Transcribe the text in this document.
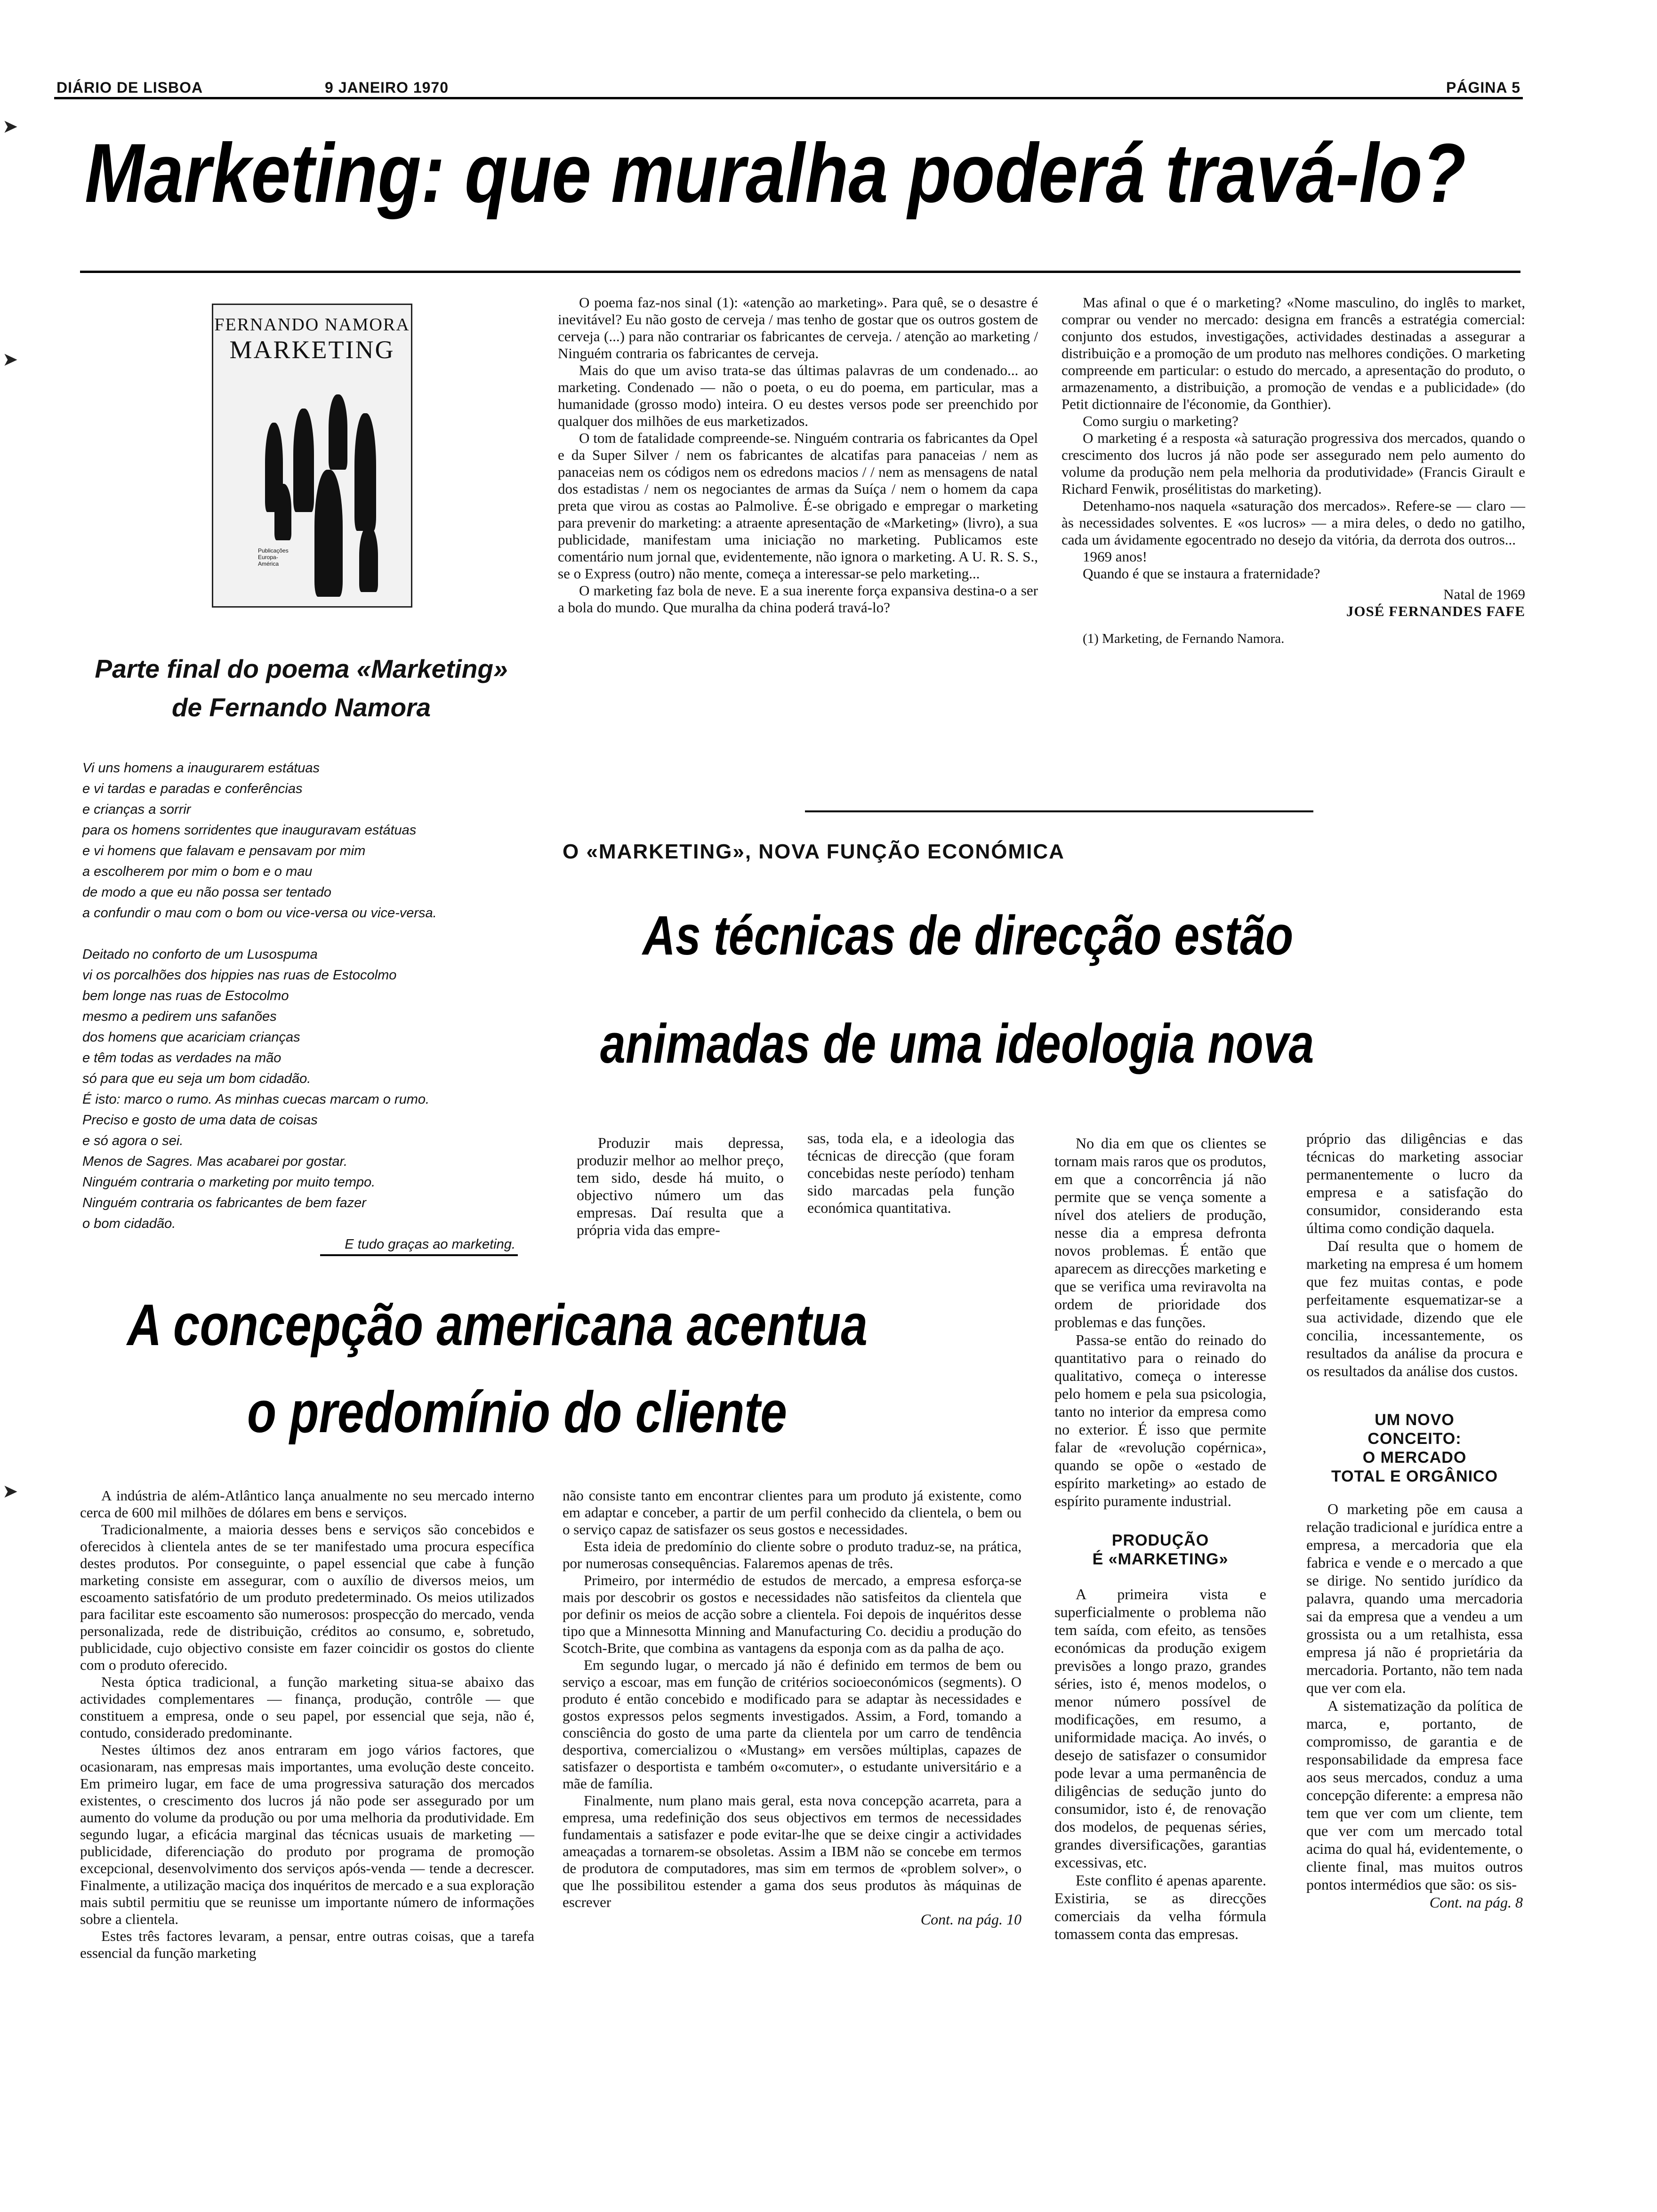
DIÁRIO DE LISBOA	9 JANEIRO 1970	PÁGINA 5
➤
➤
➤
Marketing: que muralha poderá travá-lo?
FERNANDO NAMORA
MARKETING
Publicações Europa-América
Parte final do poema «Marketing»
de Fernando Namora
Vi uns homens a inaugurarem estátuas
e vi tardas e paradas e conferências
e crianças a sorrir
para os homens sorridentes que inauguravam estátuas
e vi homens que falavam e pensavam por mim
a escolherem por mim o bom e o mau
de modo a que eu não possa ser tentado
a confundir o mau com o bom ou vice-versa ou vice-versa.
Deitado no conforto de um Lusospuma
vi os porcalhões dos hippies nas ruas de Estocolmo
bem longe nas ruas de Estocolmo
mesmo a pedirem uns safanões
dos homens que acariciam crianças
e têm todas as verdades na mão
só para que eu seja um bom cidadão.
É isto: marco o rumo. As minhas cuecas marcam o rumo.
Preciso e gosto de uma data de coisas
e só agora o sei.
Menos de Sagres. Mas acabarei por gostar.
Ninguém contraria o marketing por muito tempo.
Ninguém contraria os fabricantes de bem fazer
o bom cidadão.
E tudo graças ao marketing.

O poema faz-nos sinal (1): «atenção ao marketing». Para quê, se o desastre é inevitável? Eu não gosto de cerveja / mas tenho de gostar que os outros gostem de cerveja (...) para não contrariar os fabricantes de cerveja. / atenção ao marketing / Ninguém contraria os fabricantes de cerveja.

Mais do que um aviso trata-se das últimas palavras de um condenado... ao marketing. Condenado — não o poeta, o eu do poema, em particular, mas a humanidade (grosso modo) inteira. O eu destes versos pode ser preenchido por qualquer dos milhões de eus marketizados.

O tom de fatalidade compreende-se. Ninguém contraria os fabricantes da Opel e da Super Silver / nem os fabricantes de alcatifas para panaceias / nem as panaceias nem os códigos nem os edredons macios / / nem as mensagens de natal dos estadistas / nem os negociantes de armas da Suíça / nem o homem da capa preta que virou as costas ao Palmolive. É-se obrigado e empregar o marketing para prevenir do marketing: a atraente apresentação de «Marketing» (livro), a sua publicidade, manifestam uma iniciação no marketing. Publicamos este comentário num jornal que, evidentemente, não ignora o marketing. A U. R. S. S., se o Express (outro) não mente, começa a interessar-se pelo marketing...

O marketing faz bola de neve. E a sua inerente força expansiva destina-o a ser a bola do mundo. Que muralha da china poderá travá-lo?

Mas afinal o que é o marketing? «Nome masculino, do inglês to market, comprar ou vender no mercado: designa em francês a estratégia comercial: conjunto dos estudos, investigações, actividades destinadas a assegurar a distribuição e a promoção de um produto nas melhores condições. O marketing compreende em particular: o estudo do mercado, a apresentação do produto, o armazenamento, a distribuição, a promoção de vendas e a publicidade» (do Petit dictionnaire de l'économie, da Gonthier).

Como surgiu o marketing?

O marketing é a resposta «à saturação progressiva dos mercados, quando o crescimento dos lucros já não pode ser assegurado nem pelo aumento do volume da produção nem pela melhoria da produtividade» (Francis Girault e Richard Fenwik, prosélitistas do marketing).

Detenhamo-nos naquela «saturação dos mercados». Refere-se — claro — às necessidades solventes. E «os lucros» — a mira deles, o dedo no gatilho, cada um ávidamente egocentrado no desejo da vitória, da derrota dos outros...

1969 anos!

Quando é que se instaura a fraternidade?

Natal de 1969
JOSÉ FERNANDES FAFE
(1) Marketing, de Fernando Namora.
O «MARKETING», NOVA FUNÇÃO ECONÓMICA
As técnicas de direcção estão
animadas de uma ideologia nova

Produzir mais depressa, produzir melhor ao melhor preço, tem sido, desde há muito, o objectivo número um das empresas. Daí resulta que a própria vida das empre-

sas, toda ela, e a ideologia das técnicas de direcção (que foram concebidas neste período) tenham sido marcadas pela função económica quantitativa.

No dia em que os clientes se tornam mais raros que os produtos, em que a concorrência já não permite que se vença somente a nível dos ateliers de produção, nesse dia a empresa defronta novos problemas. É então que aparecem as direcções marketing e que se verifica uma reviravolta na ordem de prioridade dos problemas e das funções.

Passa-se então do reinado do quantitativo para o reinado do qualitativo, começa o interesse pelo homem e pela sua psicologia, tanto no interior da empresa como no exterior. É isso que permite falar de «revolução copérnica», quando se opõe o «estado de espírito marketing» ao estado de espírito puramente industrial.

PRODUÇÃO
É «MARKETING»

A primeira vista e superficialmente o problema não tem saída, com efeito, as tensões económicas da produção exigem previsões a longo prazo, grandes séries, isto é, menos modelos, o menor número possível de modificações, em resumo, a uniformidade maciça. Ao invés, o desejo de satisfazer o consumidor pode levar a uma permanência de diligências de sedução junto do consumidor, isto é, de renovação dos modelos, de pequenas séries, grandes diversificações, garantias excessivas, etc.

Este conflito é apenas aparente. Existiria, se as direcções comerciais da velha fórmula tomassem conta das empresas.

próprio das diligências e das técnicas do marketing associar permanentemente o lucro da empresa e a satisfação do consumidor, considerando esta última como condição daquela.

Daí resulta que o homem de marketing na empresa é um homem que fez muitas contas, e pode perfeitamente esquematizar-se a sua actividade, dizendo que ele concilia, incessantemente, os resultados da análise da procura e os resultados da análise dos custos.

UM NOVO
CONCEITO:
O MERCADO
TOTAL E ORGÂNICO

O marketing põe em causa a relação tradicional e jurídica entre a empresa, a mercadoria que ela fabrica e vende e o mercado a que se dirige. No sentido jurídico da palavra, quando uma mercadoria sai da empresa que a vendeu a um grossista ou a um retalhista, essa empresa já não é proprietária da mercadoria. Portanto, não tem nada que ver com ela.

A sistematização da política de marca, e, portanto, de compromisso, de garantia e de responsabilidade da empresa face aos seus mercados, conduz a uma concepção diferente: a empresa não tem que ver com um cliente, tem que ver com um mercado total acima do qual há, evidentemente, o cliente final, mas muitos outros pontos intermédios que são: os sis-

Cont. na pág. 8
A concepção americana acentua
o predomínio do cliente

A indústria de além-Atlântico lança anualmente no seu mercado interno cerca de 600 mil milhões de dólares em bens e serviços.

Tradicionalmente, a maioria desses bens e serviços são concebidos e oferecidos à clientela antes de se ter manifestado uma procura específica destes produtos. Por conseguinte, o papel essencial que cabe à função marketing consiste em assegurar, com o auxílio de diversos meios, um escoamento satisfatório de um produto predeterminado. Os meios utilizados para facilitar este escoamento são numerosos: prospecção do mercado, venda personalizada, rede de distribuição, créditos ao consumo, e, sobretudo, publicidade, cujo objectivo consiste em fazer coincidir os gostos do cliente com o produto oferecido.

Nesta óptica tradicional, a função marketing situa-se abaixo das actividades complementares — finança, produção, contrôle — que constituem a empresa, onde o seu papel, por essencial que seja, não é, contudo, considerado predominante.

Nestes últimos dez anos entraram em jogo vários factores, que ocasionaram, nas empresas mais importantes, uma evolução deste conceito. Em primeiro lugar, em face de uma progressiva saturação dos mercados existentes, o crescimento dos lucros já não pode ser assegurado por um aumento do volume da produção ou por uma melhoria da produtividade. Em segundo lugar, a eficácia marginal das técnicas usuais de marketing — publicidade, diferenciação do produto por programa de promoção excepcional, desenvolvimento dos serviços após-venda — tende a decrescer. Finalmente, a utilização maciça dos inquéritos de mercado e a sua exploração mais subtil permitiu que se reunisse um importante número de informações sobre a clientela.

Estes três factores levaram, a pensar, entre outras coisas, que a tarefa essencial da função marketing

não consiste tanto em encontrar clientes para um produto já existente, como em adaptar e conceber, a partir de um perfil conhecido da clientela, o bem ou o serviço capaz de satisfazer os seus gostos e necessidades.

Esta ideia de predomínio do cliente sobre o produto traduz-se, na prática, por numerosas consequências. Falaremos apenas de três.

Primeiro, por intermédio de estudos de mercado, a empresa esforça-se mais por descobrir os gostos e necessidades não satisfeitos da clientela que por definir os meios de acção sobre a clientela. Foi depois de inquéritos desse tipo que a Minnesotta Minning and Manufacturing Co. decidiu a produção do Scotch-Brite, que combina as vantagens da esponja com as da palha de aço.

Em segundo lugar, o mercado já não é definido em termos de bem ou serviço a escoar, mas em função de critérios socioeconómicos (segments). O produto é então concebido e modificado para se adaptar às necessidades e gostos expressos pelos segments investigados. Assim, a Ford, tomando a consciência do gosto de uma parte da clientela por um carro de tendência desportiva, comercializou o «Mustang» em versões múltiplas, capazes de satisfazer o desportista e também o«comuter», o estudante universitário e a mãe de família.

Finalmente, num plano mais geral, esta nova concepção acarreta, para a empresa, uma redefinição dos seus objectivos em termos de necessidades fundamentais a satisfazer e pode evitar-lhe que se deixe cingir a actividades ameaçadas a tornarem-se obsoletas. Assim a IBM não se concebe em termos de produtora de computadores, mas sim em termos de «problem solver», o que lhe possibilitou estender a gama dos seus produtos às máquinas de escrever

Cont. na pág. 10
